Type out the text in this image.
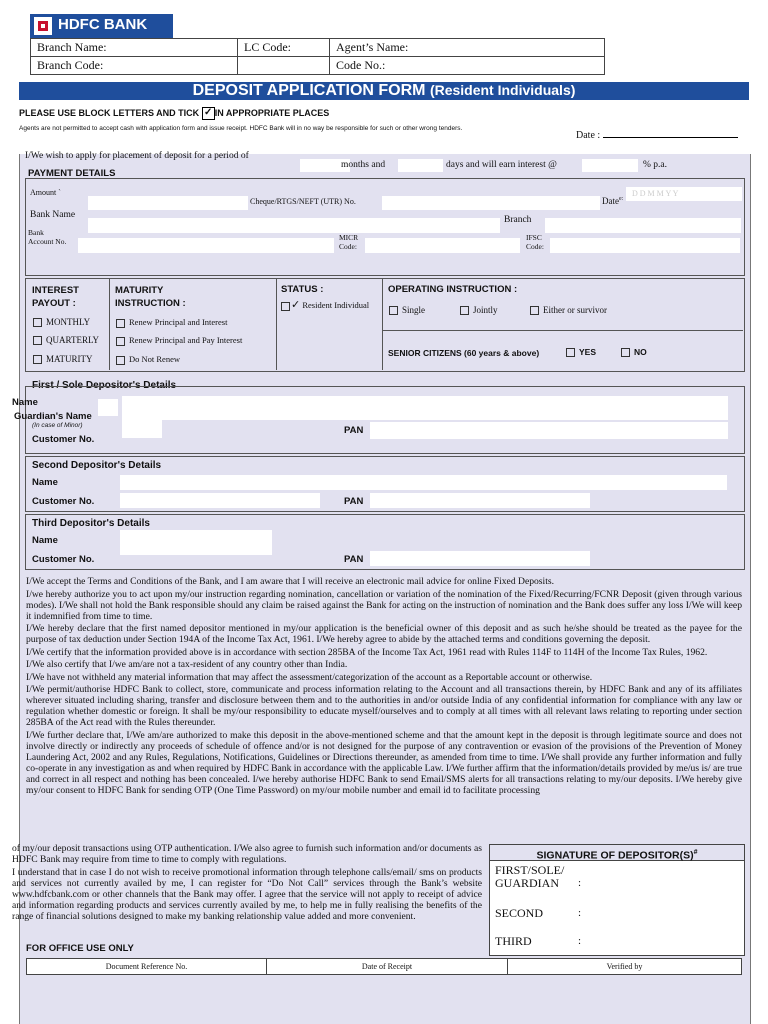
HDFC BANK
Branch Name:	LC Code:	Agent’s Name:
Branch Code:		Code No.:
DEPOSIT APPLICATION FORM (Resident Individuals)
PLEASE USE BLOCK LETTERS AND TICK ✓ IN APPROPRIATE PLACES
Agents are not permitted to accept cash with application form and issue receipt. HDFC Bank will in no way be responsible for such or other wrong tenders.
Date :
I/We wish to apply for placement of deposit for a period of
months and	days and will earn interest @	% p.a.
PAYMENT DETAILS
Amount `
Cheque/RTGS/NEFT (UTR) No.	Date$^{e:}$
D D M M Y Y
Bank Name	Branch
Bank
Account No.	MICR
Code:
IFSC
Code:
INTEREST
PAYOUT :
MONTHLY
QUARTERLY
MATURITY
MATURITY
INSTRUCTION :
Renew Principal and Interest
Renew Principal and Pay Interest
Do Not Renew
STATUS :
✓ Resident Individual
OPERATING INSTRUCTION :
Single	Jointly	Either or survivor
SENIOR CITIZENS (60 years & above)	YES	NO
First / Sole Depositor's Details
Name
Guardian's Name
(In case of Minor)	PAN
Customer No.
Second Depositor's Details
Name
Customer No.	PAN
Third Depositor's Details
Name
Customer No.	PAN

I/We accept the Terms and Conditions of the Bank, and I am aware that I will receive an electronic mail advice for online Fixed Deposits.

I/we hereby authorize you to act upon my/our instruction regarding nomination, cancellation or variation of the nomination of the Fixed/Recurring/FCNR Deposit (given through various modes). I/We shall not hold the Bank responsible should any claim be raised against the Bank for acting on the instruction of nomination and the Bank does suffer any loss I/We will keep it indemnified from time to time.

I/We hereby declare that the first named depositor mentioned in my/our application is the beneficial owner of this deposit and as such he/she should be treated as the payee for the purpose of tax deduction under Section 194A of the Income Tax Act, 1961. I/We hereby agree to abide by the attached terms and conditions governing the deposit.

I/We certify that the information provided above is in accordance with section 285BA of the Income Tax Act, 1961 read with Rules 114F to 114H of the Income Tax Rules, 1962.

I/We also certify that I/we am/are not a tax-resident of any country other than India.

I/We have not withheld any material information that may affect the assessment/categorization of the account as a Reportable account or otherwise.

I/We permit/authorise HDFC Bank to collect, store, communicate and process information relating to the Account and all transactions therein, by HDFC Bank and any of its affiliates wherever situated including sharing, transfer and disclosure between them and to the authorities in and/or outside India of any confidential information for compliance with any law or regulation whether domestic or foreign. It shall be my/our responsibility to educate myself/ourselves and to comply at all times with all relevant laws relating to reporting under section 285BA of the Act read with the Rules thereunder.

I/We further declare that, I/We am/are authorized to make this deposit in the above-mentioned scheme and that the amount kept in the deposit is through legitimate source and does not involve directly or indirectly any proceeds of schedule of offence and/or is not designed for the purpose of any contravention or evasion of the provisions of the Prevention of Money Laundering Act, 2002 and any Rules, Regulations, Notifications, Guidelines or Directions thereunder, as amended from time to time. I/We shall provide any further information and fully co-operate in any investigation as and when required by HDFC Bank in accordance with the applicable Law. I/We further affirm that the information/details provided by me/us is/ are true and correct in all respect and nothing has been concealed. I/we hereby authorise HDFC Bank to send Email/SMS alerts for all transactions relating to my/our deposits. I/We hereby give my/our consent to HDFC Bank for sending OTP (One Time Password) on my/our mobile number and email id to facilitate processing

of my/our deposit transactions using OTP authentication. I/We also agree to furnish such information and/or documents as HDFC Bank may require from time to time to comply with regulations.

I understand that in case I do not wish to receive promotional information through telephone calls/email/ sms on products and services not currently availed by me, I can register for “Do Not Call” services through the Bank’s website www.hdfcbank.com or other channels that the Bank may offer. I agree that the service will not apply to receipt of advice and information regarding products and services currently availed by me, to help me in fully realising the benefits of the range of financial solutions designed to make my banking relationship value added and more convenient.

SIGNATURE OF DEPOSITOR(S)#
FIRST/SOLE/
GUARDIAN	:
SECOND	:
THIRD	:
FOR OFFICE USE ONLY
Document Reference No.	Date of Receipt	Verified by
